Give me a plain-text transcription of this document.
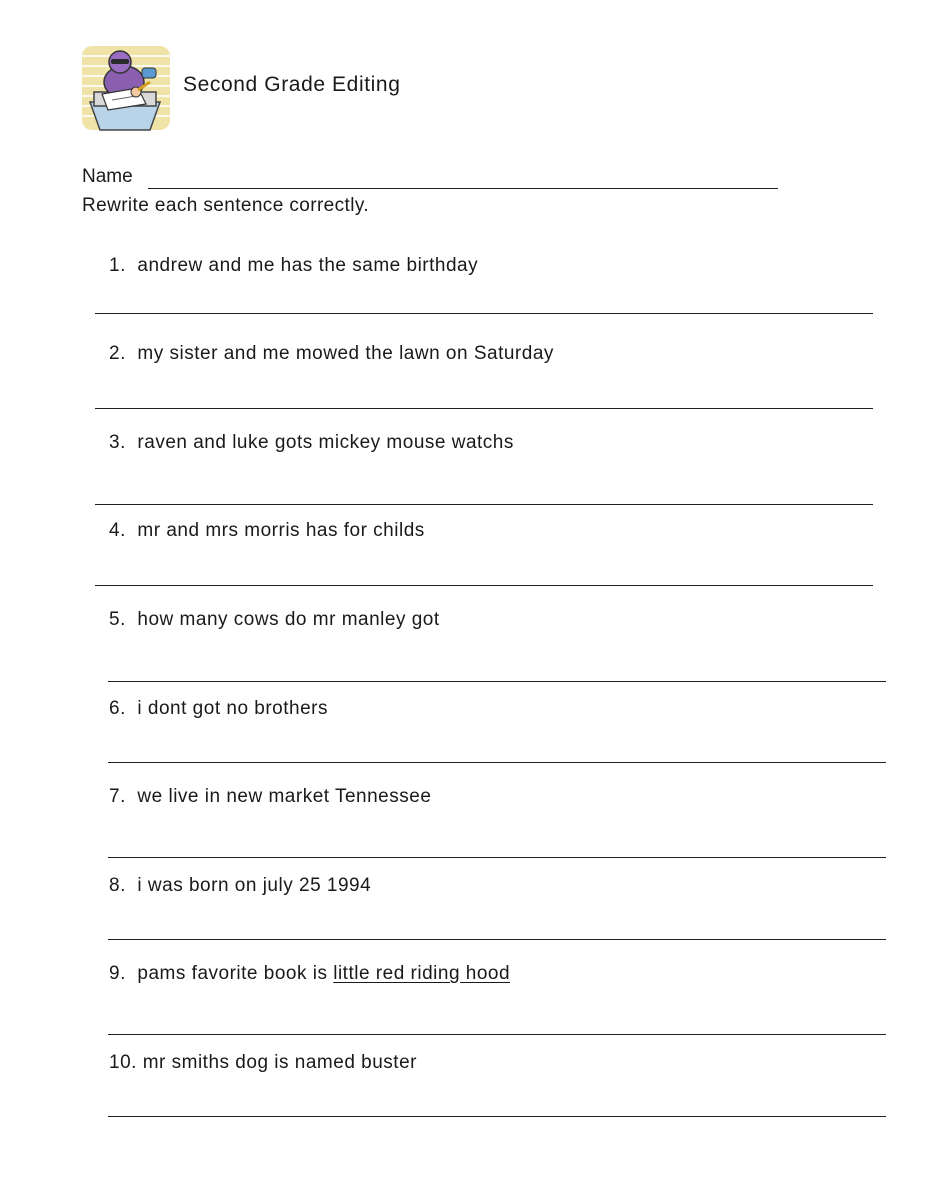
Second Grade Editing
Name
Rewrite each sentence correctly.
1. andrew and me has the same birthday
2. my sister and me mowed the lawn on Saturday
3. raven and luke gots mickey mouse watchs
4. mr and mrs morris has for childs
5. how many cows do mr manley got
6. i dont got no brothers
7. we live in new market Tennessee
8. i was born on july 25 1994
9. pams favorite book is little red riding hood
10. mr smiths dog is named buster
